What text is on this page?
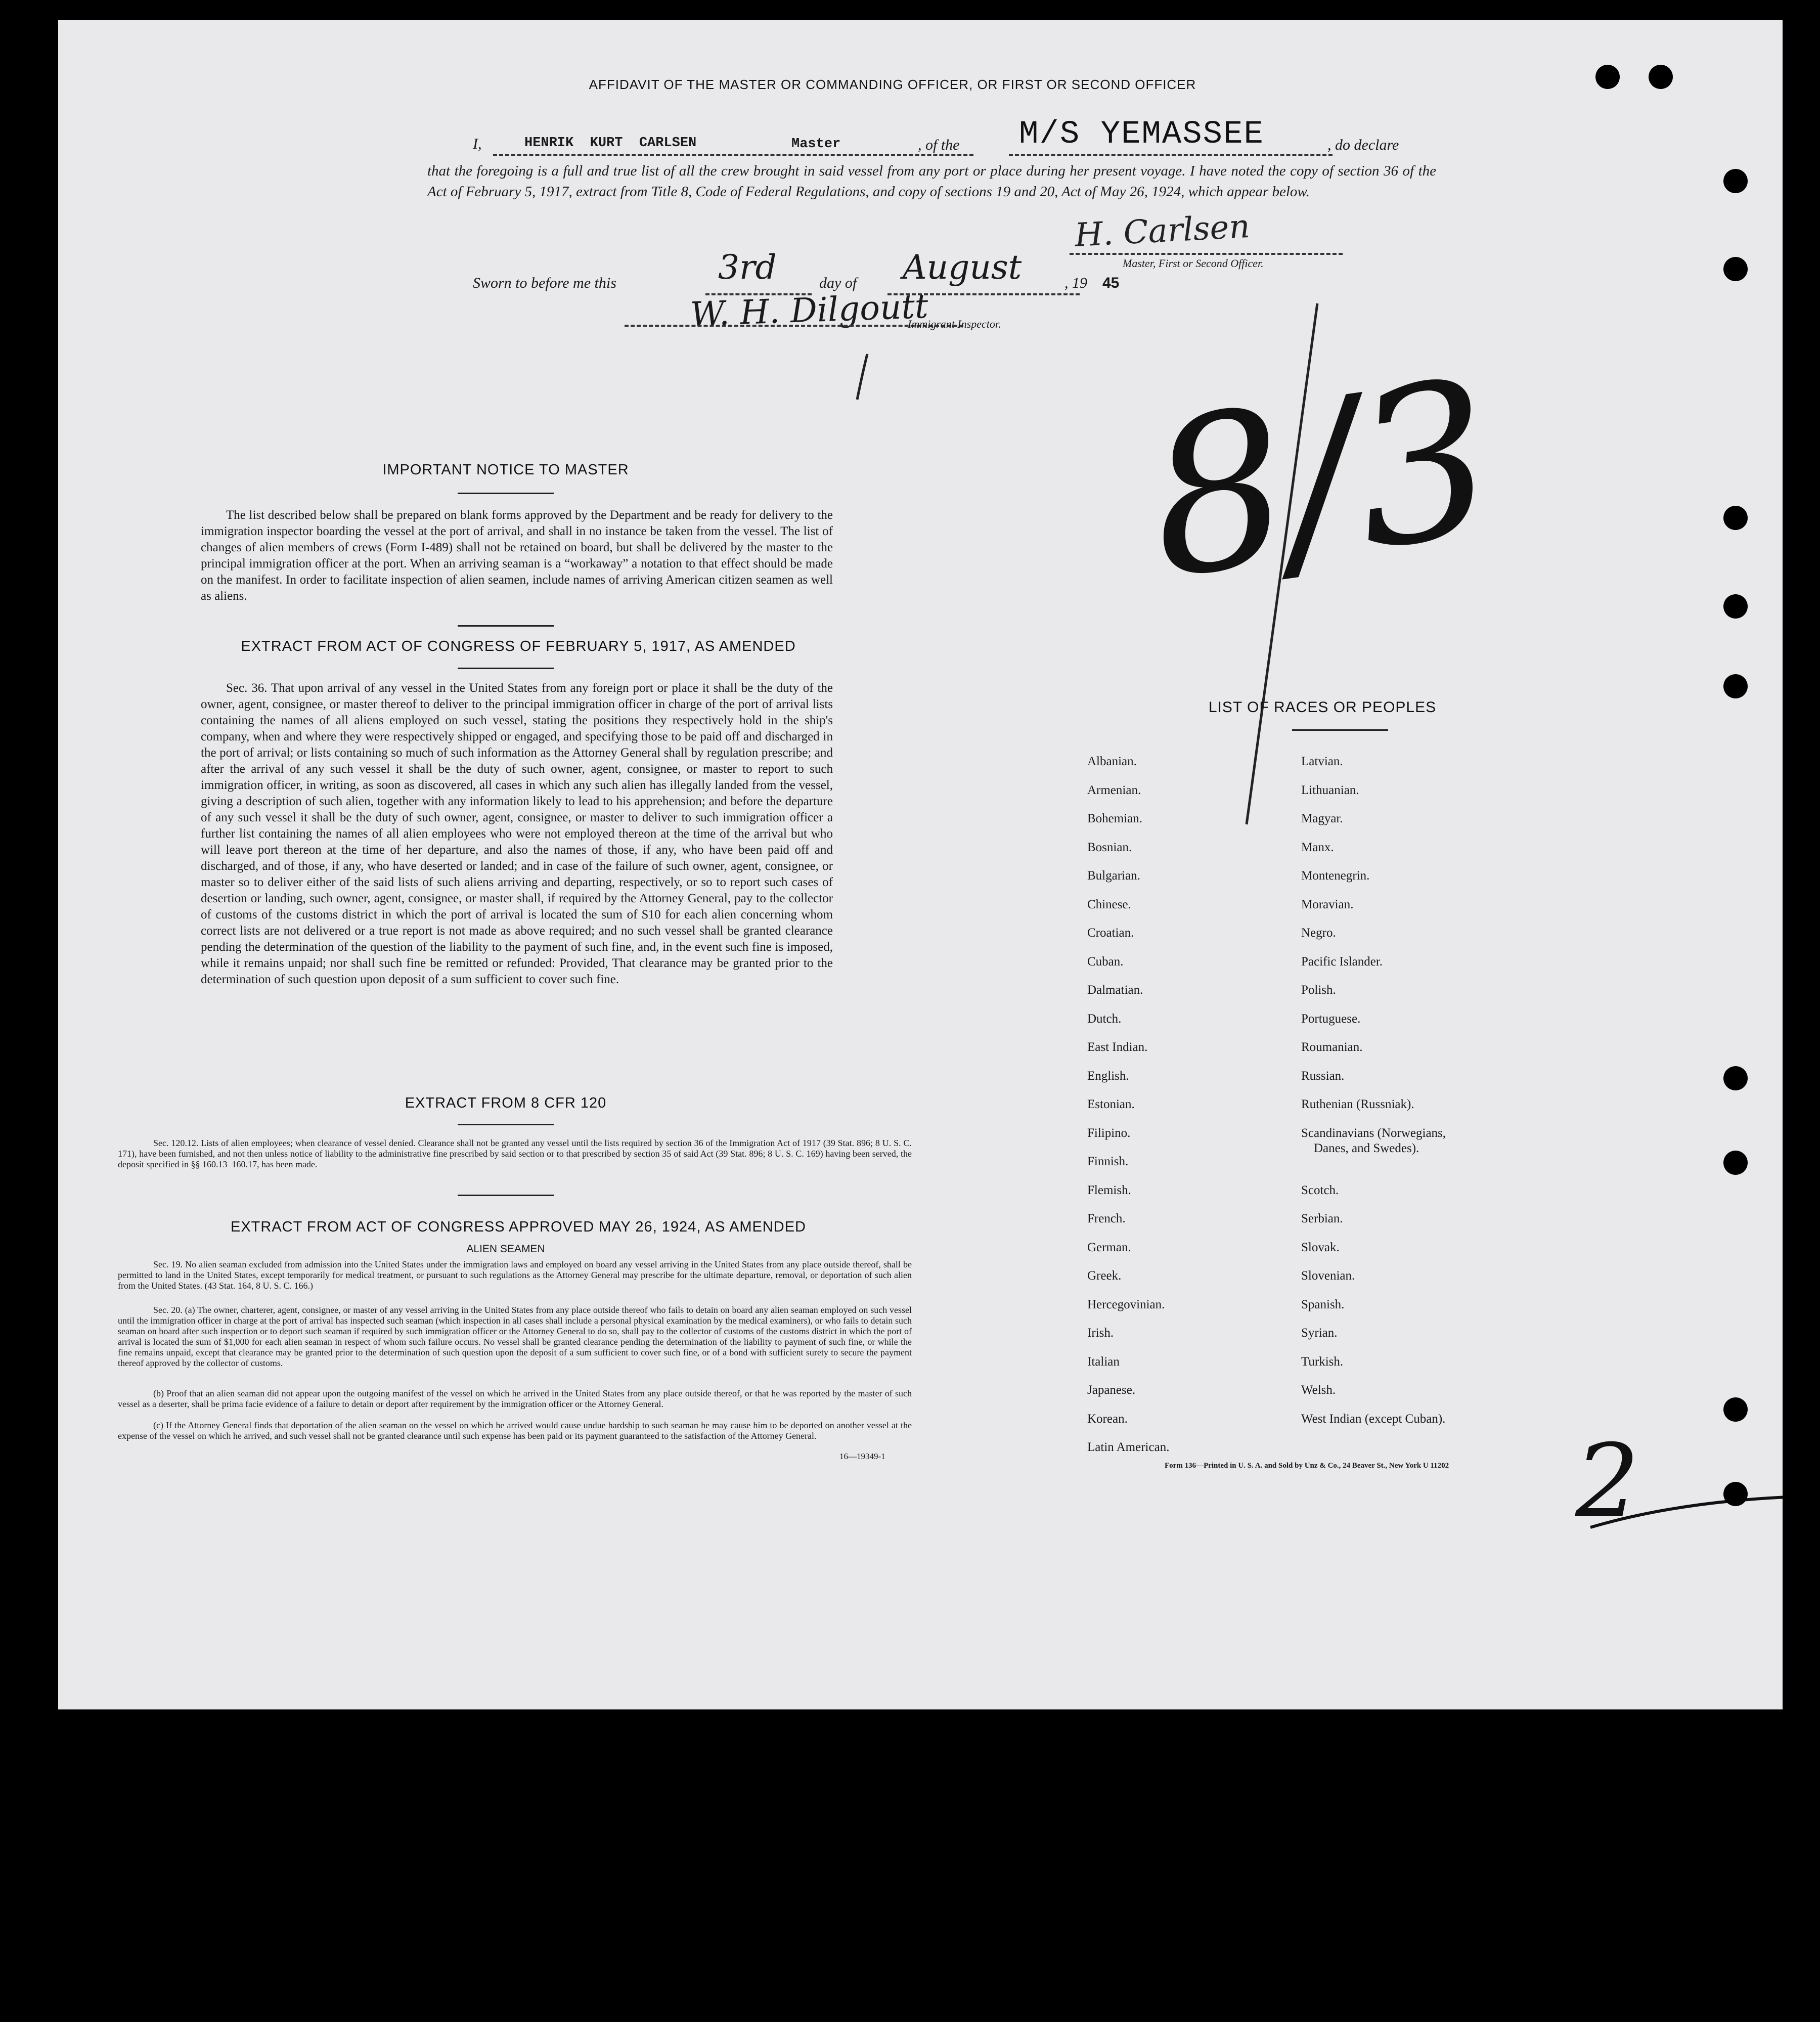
AFFIDAVIT OF THE MASTER OR COMMANDING OFFICER, OR FIRST OR SECOND OFFICER
I,	HENRIK  KURT  CARLSEN	Master	, of the M/S YEMASSEE	, do declare
that the foregoing is a full and true list of all the crew brought in said vessel from any port or place during her present voyage. I have noted the copy of section 36 of the Act of February 5, 1917, extract from Title 8, Code of Federal Regulations, and copy of sections 19 and 20, Act of May 26, 1924, which appear below.
H. Carlsen
Master, First or Second Officer.
Sworn to before me this	3rd	day of August	, 19 45
W. H. Dilgoutt
Immigrant Inspector.
8/3
IMPORTANT NOTICE TO MASTER
The list described below shall be prepared on blank forms approved by the Department and be ready for delivery to the immigration inspector boarding the vessel at the port of arrival, and shall in no instance be taken from the vessel. The list of changes of alien members of crews (Form I-489) shall not be retained on board, but shall be delivered by the master to the principal immigration officer at the port. When an arriving seaman is a “workaway” a notation to that effect should be made on the manifest. In order to facilitate inspection of alien seamen, include names of arriving American citizen seamen as well as aliens.
EXTRACT FROM ACT OF CONGRESS OF FEBRUARY 5, 1917, AS AMENDED
Sec. 36. That upon arrival of any vessel in the United States from any foreign port or place it shall be the duty of the owner, agent, consignee, or master thereof to deliver to the principal immigration officer in charge of the port of arrival lists containing the names of all aliens employed on such vessel, stating the positions they respectively hold in the ship's company, when and where they were respectively shipped or engaged, and specifying those to be paid off and discharged in the port of arrival; or lists containing so much of such information as the Attorney General shall by regulation prescribe; and after the arrival of any such vessel it shall be the duty of such owner, agent, consignee, or master to report to such immigration officer, in writing, as soon as discovered, all cases in which any such alien has illegally landed from the vessel, giving a description of such alien, together with any information likely to lead to his apprehension; and before the departure of any such vessel it shall be the duty of such owner, agent, consignee, or master to deliver to such immigration officer a further list containing the names of all alien employees who were not employed thereon at the time of the arrival but who will leave port thereon at the time of her departure, and also the names of those, if any, who have been paid off and discharged, and of those, if any, who have deserted or landed; and in case of the failure of such owner, agent, consignee, or master so to deliver either of the said lists of such aliens arriving and departing, respectively, or so to report such cases of desertion or landing, such owner, agent, consignee, or master shall, if required by the Attorney General, pay to the collector of customs of the customs district in which the port of arrival is located the sum of $10 for each alien concerning whom correct lists are not delivered or a true report is not made as above required; and no such vessel shall be granted clearance pending the determination of the question of the liability to the payment of such fine, and, in the event such fine is imposed, while it remains unpaid; nor shall such fine be remitted or refunded: Provided, That clearance may be granted prior to the determination of such question upon deposit of a sum sufficient to cover such fine.
EXTRACT FROM 8 CFR 120
Sec. 120.12. Lists of alien employees; when clearance of vessel denied. Clearance shall not be granted any vessel until the lists required by section 36 of the Immigration Act of 1917 (39 Stat. 896; 8 U. S. C. 171), have been furnished, and not then unless notice of liability to the administrative fine prescribed by said section or to that prescribed by section 35 of said Act (39 Stat. 896; 8 U. S. C. 169) having been served, the deposit specified in §§ 160.13–160.17, has been made.
EXTRACT FROM ACT OF CONGRESS APPROVED MAY 26, 1924, AS AMENDED
ALIEN SEAMEN
Sec. 19. No alien seaman excluded from admission into the United States under the immigration laws and employed on board any vessel arriving in the United States from any place outside thereof, shall be permitted to land in the United States, except temporarily for medical treatment, or pursuant to such regulations as the Attorney General may prescribe for the ultimate departure, removal, or deportation of such alien from the United States. (43 Stat. 164, 8 U. S. C. 166.)
Sec. 20. (a) The owner, charterer, agent, consignee, or master of any vessel arriving in the United States from any place outside thereof who fails to detain on board any alien seaman employed on such vessel until the immigration officer in charge at the port of arrival has inspected such seaman (which inspection in all cases shall include a personal physical examination by the medical examiners), or who fails to detain such seaman on board after such inspection or to deport such seaman if required by such immigration officer or the Attorney General to do so, shall pay to the collector of customs of the customs district in which the port of arrival is located the sum of $1,000 for each alien seaman in respect of whom such failure occurs. No vessel shall be granted clearance pending the determination of the liability to payment of such fine, or while the fine remains unpaid, except that clearance may be granted prior to the determination of such question upon the deposit of a sum sufficient to cover such fine, or of a bond with sufficient surety to secure the payment thereof approved by the collector of customs.
(b) Proof that an alien seaman did not appear upon the outgoing manifest of the vessel on which he arrived in the United States from any place outside thereof, or that he was reported by the master of such vessel as a deserter, shall be prima facie evidence of a failure to detain or deport after requirement by the immigration officer or the Attorney General.
(c) If the Attorney General finds that deportation of the alien seaman on the vessel on which he arrived would cause undue hardship to such seaman he may cause him to be deported on another vessel at the expense of the vessel on which he arrived, and such vessel shall not be granted clearance until such expense has been paid or its payment guaranteed to the satisfaction of the Attorney General.
16—19349-1
LIST OF RACES OR PEOPLES
Albanian.
Armenian.
Bohemian.
Bosnian.
Bulgarian.
Chinese.
Croatian.
Cuban.
Dalmatian.
Dutch.
East Indian.
English.
Estonian.
Filipino.
Finnish.
Flemish.
French.
German.
Greek.
Hercegovinian.
Irish.
Italian
Japanese.
Korean.
Latin American.
Latvian.
Lithuanian.
Magyar.
Manx.
Montenegrin.
Moravian.
Negro.
Pacific Islander.
Polish.
Portuguese.
Roumanian.
Russian.
Ruthenian (Russniak).
Scandinavians (Norwegians,
Danes, and Swedes).
Scotch.
Serbian.
Slovak.
Slovenian.
Spanish.
Syrian.
Turkish.
Welsh.
West Indian (except Cuban).
Form 136—Printed in U. S. A. and Sold by Unz & Co., 24 Beaver St., New York U 11202 2
